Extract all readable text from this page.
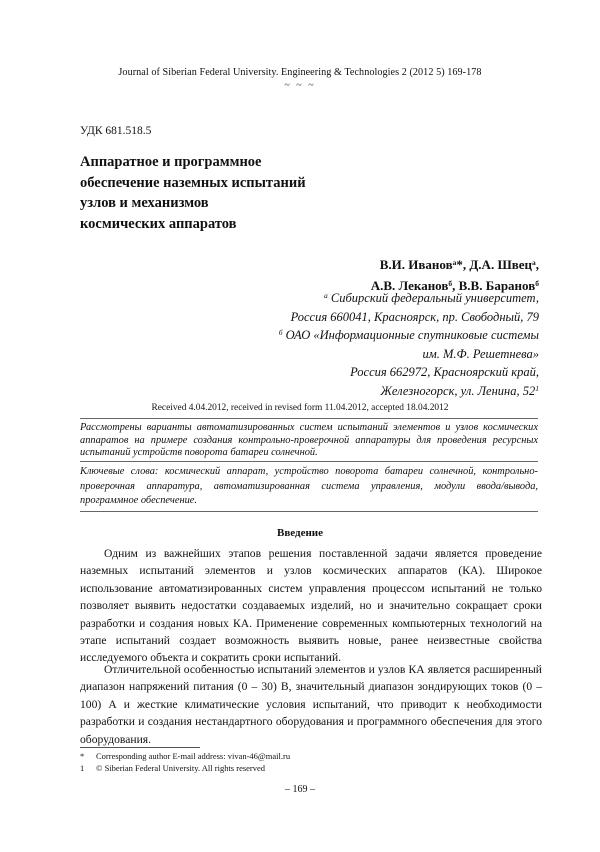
Journal of Siberian Federal University. Engineering & Technologies 2 (2012 5) 169-178
~ ~ ~
УДК 681.518.5
Аппаратное и программное
обеспечение наземных испытаний
узлов и механизмов
космических аппаратов
В.И. Иванов$^а$*, Д.А. Швец$^а$,
А.В. Леканов$^б$, В.В. Баранов$^б$
$^а$ Сибирский федеральный университет,
Россия 660041, Красноярск, пр. Свободный, 79
$^б$ ОАО «Информационные спутниковые системы
им. М.Ф. Решетнева»
Россия 662972, Красноярский край,
Железногорск, ул. Ленина, $52^1$
Received 4.04.2012, received in revised form 11.04.2012, accepted 18.04.2012
Рассмотрены варианты автоматизированных систем испытаний элементов и узлов космических аппаратов на примере создания контрольно-проверочной аппаратуры для проведения ресурсных испытаний устройств поворота батареи солнечной.
Ключевые слова: космический аппарат, устройство поворота батареи солнечной, контрольно-проверочная аппаратура, автоматизированная система управления, модули ввода/вывода, программное обеспечение.
Введение
Одним из важнейших этапов решения поставленной задачи является проведение наземных испытаний элементов и узлов космических аппаратов (КА). Широкое использование автоматизированных систем управления процессом испытаний не только позволяет выявить недостатки создаваемых изделий, но и значительно сокращает сроки разработки и создания новых КА. Применение современных компьютерных технологий на этапе испытаний создает возможность выявить новые, ранее неизвестные свойства исследуемого объекта и сократить сроки испытаний.
Отличительной особенностью испытаний элементов и узлов КА является расширенный диапазон напряжений питания (0 – 30) В, значительный диапазон зондирующих токов (0 – 100) А и жесткие климатические условия испытаний, что приводит к необходимости разработки и создания нестандартного оборудования и программного обеспечения для этого оборудования.
* Corresponding author E-mail address: vivan-46@mail.ru
1 © Siberian Federal University. All rights reserved
– 169 –
